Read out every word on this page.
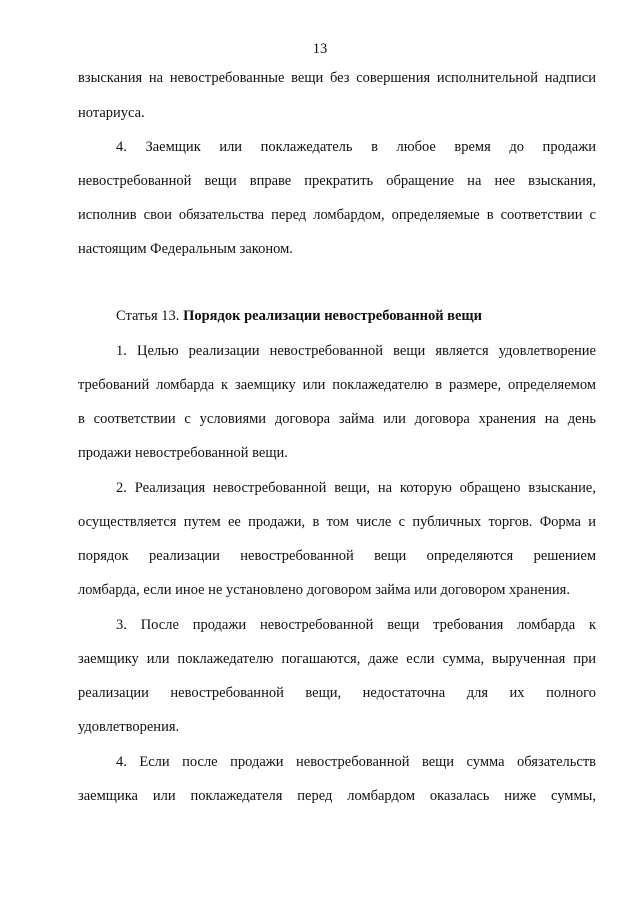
13
взыскания на невостребованные вещи без совершения исполнительной надписи
нотариуса.
4. Заемщик или поклажедатель в любое время до продажи
невостребованной вещи вправе прекратить обращение на нее взыскания,
исполнив свои обязательства перед ломбардом, определяемые в соответствии с
настоящим Федеральным законом.
Статья 13. Порядок реализации невостребованной вещи
1. Целью реализации невостребованной вещи является удовлетворение
требований ломбарда к заемщику или поклажедателю в размере, определяемом
в соответствии с условиями договора займа или договора хранения на день
продажи невостребованной вещи.
2. Реализация невостребованной вещи, на которую обращено взыскание,
осуществляется путем ее продажи, в том числе с публичных торгов. Форма и
порядок реализации невостребованной вещи определяются решением
ломбарда, если иное не установлено договором займа или договором хранения.
3. После продажи невостребованной вещи требования ломбарда к
заемщику или поклажедателю погашаются, даже если сумма, вырученная при
реализации невостребованной вещи, недостаточна для их полного
удовлетворения.
4. Если после продажи невостребованной вещи сумма обязательств
заемщика или поклажедателя перед ломбардом оказалась ниже суммы,
